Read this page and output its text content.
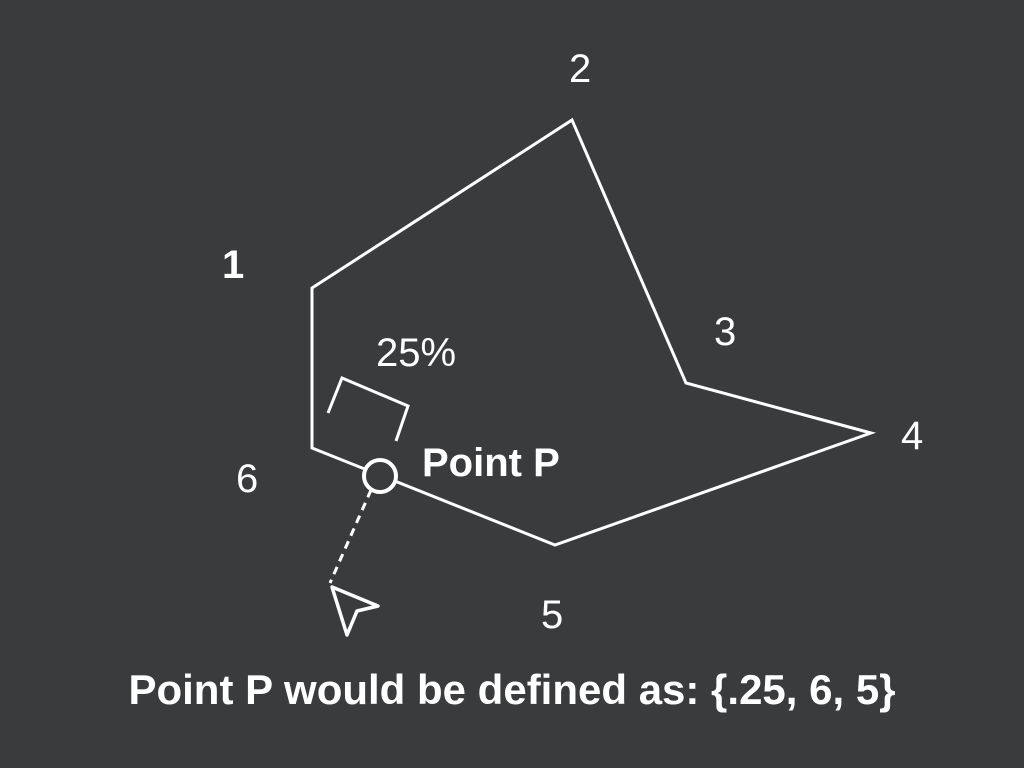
1
2
3
4
5
6
25%
Point P
Point P would be defined as: {.25, 6, 5}
